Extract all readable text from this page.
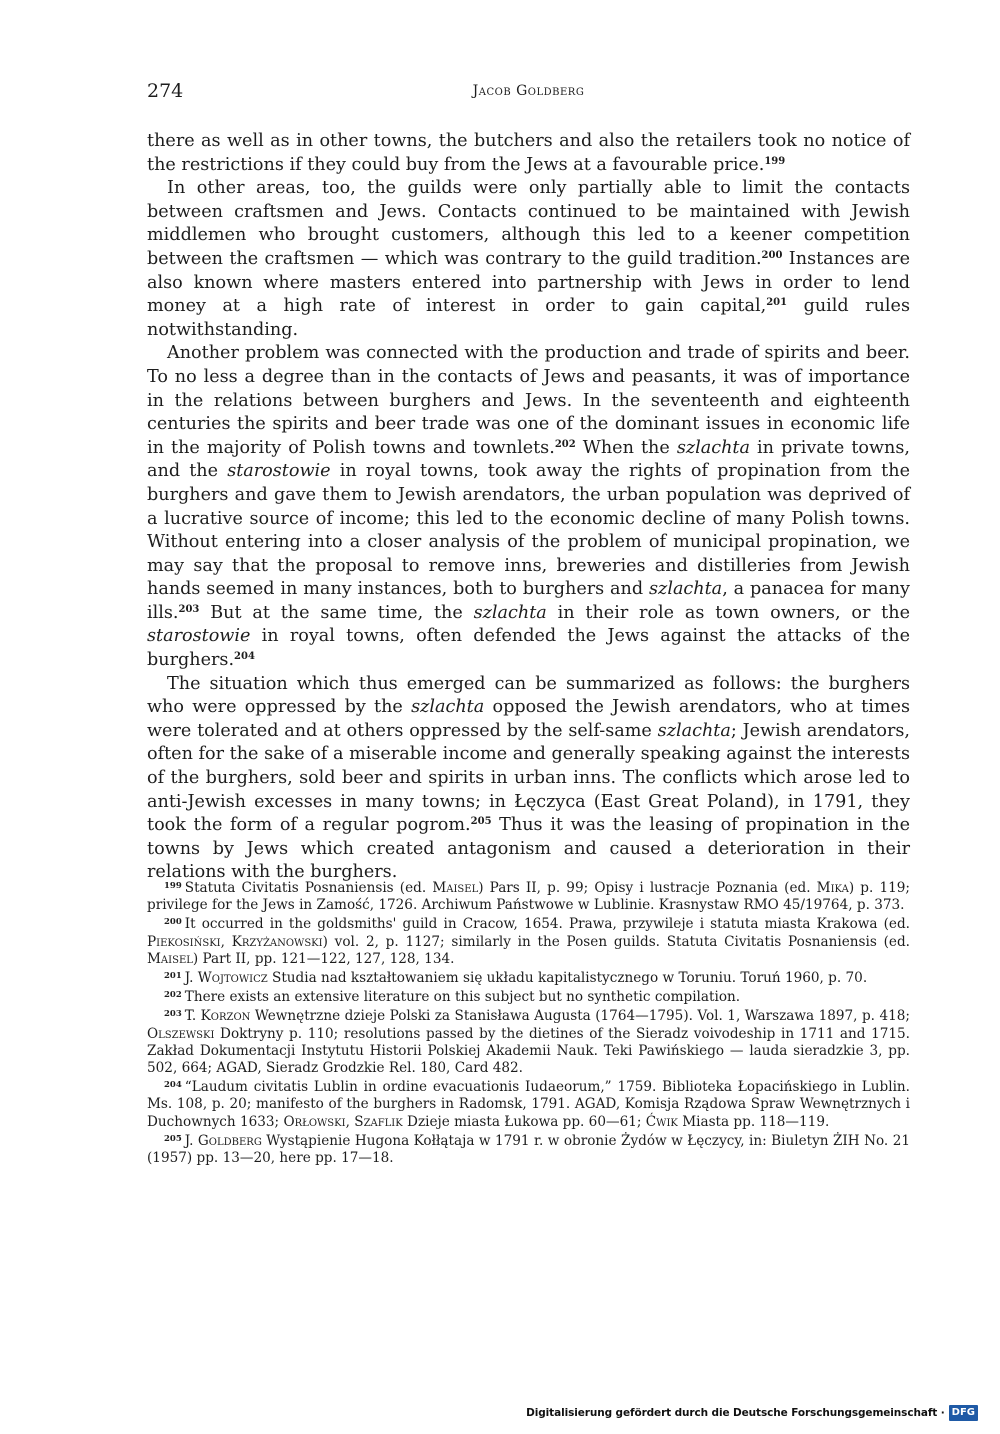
274	Jacob Goldberg

there as well as in other towns, the butchers and also the retailers took no notice of the restrictions if they could buy from the Jews at a favourable price.$^{199}$

In other areas, too, the guilds were only partially able to limit the contacts between craftsmen and Jews. Contacts continued to be maintained with Jewish middlemen who brought customers, although this led to a keener competition between the craftsmen — which was contrary to the guild tradition.$^{200}$ Instances are also known where masters entered into partnership with Jews in order to lend money at a high rate of interest in order to gain capital,$^{201}$ guild rules notwithstanding.

Another problem was connected with the production and trade of spirits and beer. To no less a degree than in the contacts of Jews and peasants, it was of importance in the relations between burghers and Jews. In the seventeenth and eighteenth centuries the spirits and beer trade was one of the dominant issues in economic life in the majority of Polish towns and townlets.$^{202}$ When the szlachta in private towns, and the starostowie in royal towns, took away the rights of propination from the burghers and gave them to Jewish arendators, the urban population was deprived of a lucrative source of income; this led to the economic decline of many Polish towns. Without entering into a closer analysis of the problem of municipal propination, we may say that the proposal to remove inns, breweries and distilleries from Jewish hands seemed in many instances, both to burghers and szlachta, a panacea for many ills.$^{203}$ But at the same time, the szlachta in their role as town owners, or the starostowie in royal towns, often defended the Jews against the attacks of the burghers.$^{204}$

The situation which thus emerged can be summarized as follows: the burghers who were oppressed by the szlachta opposed the Jewish arendators, who at times were tolerated and at others oppressed by the self-same szlachta; Jewish arendators, often for the sake of a miserable income and generally speaking against the interests of the burghers, sold beer and spirits in urban inns. The conflicts which arose led to anti-Jewish excesses in many towns; in Łęczyca (East Great Poland), in 1791, they took the form of a regular pogrom.$^{205}$ Thus it was the leasing of propination in the towns by Jews which created antagonism and caused a deterioration in their relations with the burghers.

$^{199}$ Statuta Civitatis Posnaniensis (ed. Maisel) Pars II, p. 99; Opisy i lustracje Poznania (ed. Mika) p. 119; privilege for the Jews in Zamość, 1726. Archiwum Państwowe w Lublinie. Krasnystaw RMO 45/19764, p. 373.

$^{200}$ It occurred in the goldsmiths' guild in Cracow, 1654. Prawa, przywileje i statuta miasta Krakowa (ed. Piekosiński, Krzyżanowski) vol. 2, p. 1127; similarly in the Posen guilds. Statuta Civitatis Posnaniensis (ed. Maisel) Part II, pp. 121—122, 127, 128, 134.

$^{201}$ J. Wojtowicz Studia nad kształtowaniem się układu kapitalistycznego w Toruniu. Toruń 1960, p. 70.

$^{202}$ There exists an extensive literature on this subject but no synthetic compilation.

$^{203}$ T. Korzon Wewnętrzne dzieje Polski za Stanisława Augusta (1764—1795). Vol. 1, Warszawa 1897, p. 418; Olszewski Doktryny p. 110; resolutions passed by the dietines of the Sieradz voivodeship in 1711 and 1715. Zakład Dokumentacji Instytutu Historii Polskiej Akademii Nauk. Teki Pawińskiego — lauda sieradzkie 3, pp. 502, 664; AGAD, Sieradz Grodzkie Rel. 180, Card 482.

$^{204}$ “Laudum civitatis Lublin in ordine evacuationis Iudaeorum,” 1759. Biblioteka Łopacińskiego in Lublin. Ms. 108, p. 20; manifesto of the burghers in Radomsk, 1791. AGAD, Komisja Rządowa Spraw Wewnętrznych i Duchownych 1633; Orłowski, Szaflik Dzieje miasta Łukowa pp. 60—61; Ćwik Miasta pp. 118—119.

$^{205}$ J. Goldberg Wystąpienie Hugona Kołłątaja w 1791 r. w obronie Żydów w Łęczycy, in: Biuletyn ŻIH No. 21 (1957) pp. 13—20, here pp. 17—18.

Digitalisierung gefördert durch die Deutsche Forschungsgemeinschaft · DFG
